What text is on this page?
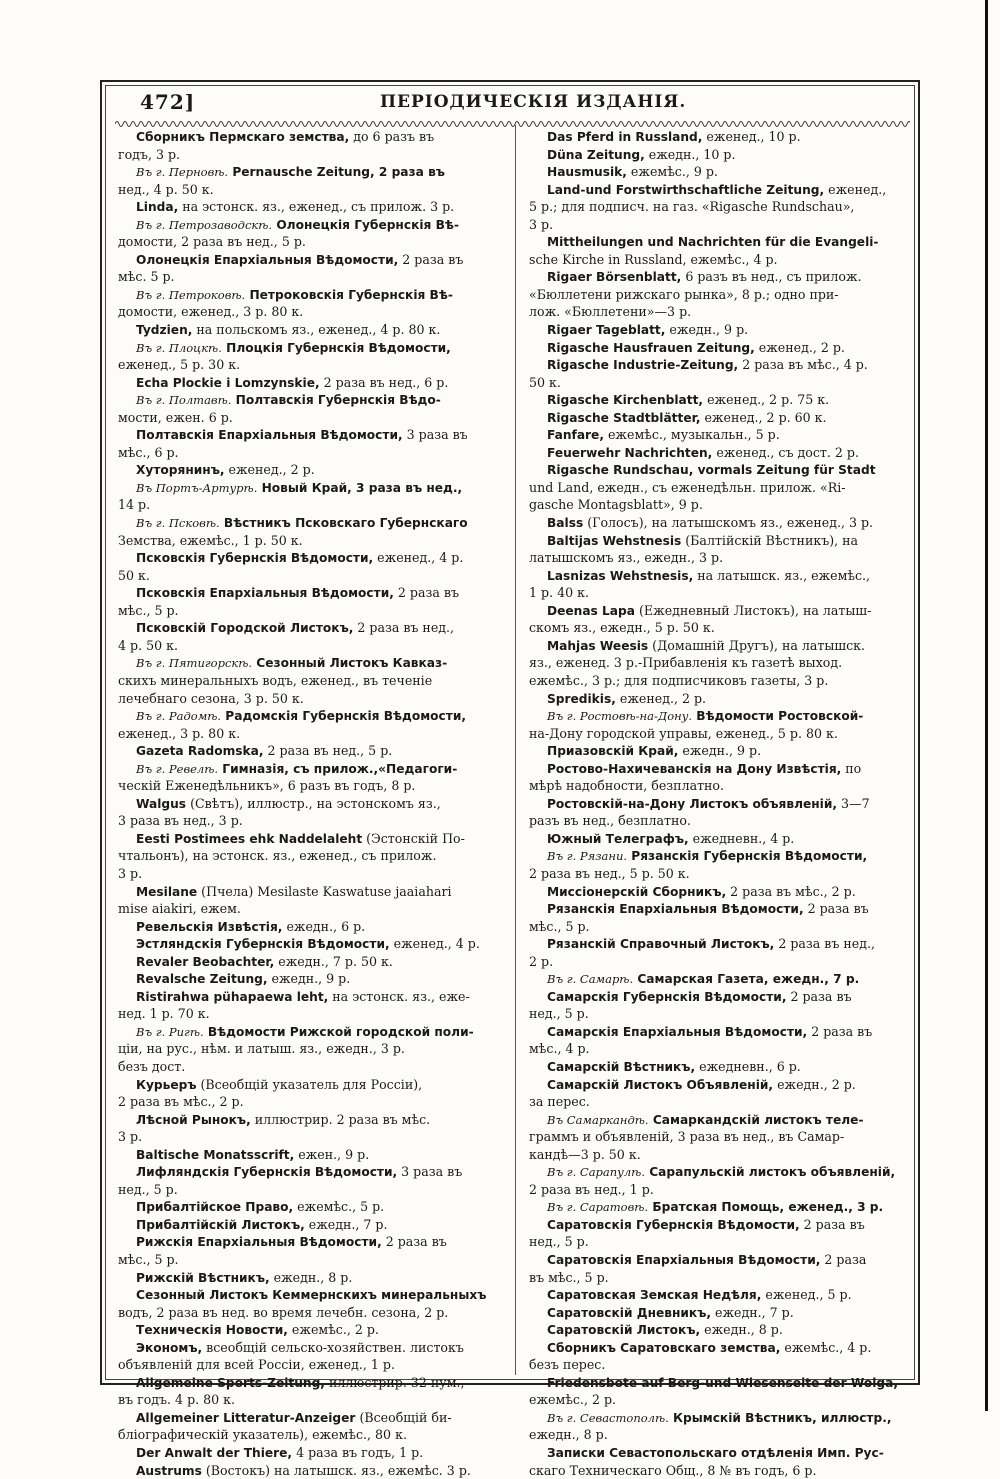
472]	ПЕРІОДИЧЕСКІЯ ИЗДАНІЯ.
Сборникъ Пермскаго земства, до 6 разъ въ
годъ, 3 р.
Въ г. Перновѣ. Pernausche Zeitung, 2 раза въ
нед., 4 р. 50 к.
Linda, на эстонск. яз., еженед., съ прилож. 3 р.
Въ г. Петрозаводскѣ. Олонецкія Губернскія Вѣ-
домости, 2 раза въ нед., 5 р.
Олонецкія Епархіальныя Вѣдомости, 2 раза въ
мѣс. 5 р.
Въ г. Петроковѣ. Петроковскія Губернскія Вѣ-
домости, еженед., 3 р. 80 к.
Tydzien, на польскомъ яз., еженед., 4 р. 80 к.
Въ г. Плоцкѣ. Плоцкія Губернскія Вѣдомости,
еженед., 5 р. 30 к.
Echa Plockie i Lomzynskie, 2 раза въ нед., 6 р.
Въ г. Полтавѣ. Полтавскія Губернскія Вѣдо-
мости, ежен. 6 р.
Полтавскія Епархіальныя Вѣдомости, 3 раза въ
мѣс., 6 р.
Хуторянинъ, еженед., 2 р.
Въ Портъ-Артурѣ. Новый Край, 3 раза въ нед.,
14 р.
Въ г. Псковѣ. Вѣстникъ Псковскаго Губернскаго
Земства, ежемѣс., 1 р. 50 к.
Псковскія Губернскія Вѣдомости, еженед., 4 р.
50 к.
Псковскія Епархіальныя Вѣдомости, 2 раза въ
мѣс., 5 р.
Псковскій Городской Листокъ, 2 раза въ нед.,
4 р. 50 к.
Въ г. Пятигорскѣ. Сезонный Листокъ Кавказ-
скихъ минеральныхъ водъ, еженед., въ теченіе
лечебнаго сезона, 3 р. 50 к.
Въ г. Радомѣ. Радомскія Губернскія Вѣдомости,
еженед., 3 р. 80 к.
Gazeta Radomska, 2 раза въ нед., 5 р.
Въ г. Ревелѣ. Гимназія, съ прилож.,«Педагоги-
ческій Еженедѣльникъ», 6 разъ въ годъ, 8 р.
Walgus (Свѣтъ), иллюстр., на эстонскомъ яз.,
3 раза въ нед., 3 р.
Eesti Postimees ehk Naddelaleht (Эстонскій По-
чтальонъ), на эстонск. яз., еженед., съ прилож.
3 р.
Mesilane (Пчела) Mesilaste Kaswatuse jaaiahari
mise aiakiri, ежем.
Ревельскія Извѣстія, ежедн., 6 р.
Эстляндскія Губернскія Вѣдомости, еженед., 4 р.
Revaler Beobachter, ежедн., 7 р. 50 к.
Revalsche Zeitung, ежедн., 9 р.
Ristirahwa pühapaewa leht, на эстонск. яз., еже-
нед. 1 р. 70 к.
Въ г. Ригѣ. Вѣдомости Рижской городской поли-
ціи, на рус., нѣм. и латыш. яз., ежедн., 3 р.
безъ дост.
Курьеръ (Всеобщій указатель для Россіи),
2 раза въ мѣс., 2 р.
Лѣсной Рынокъ, иллюстрир. 2 раза въ мѣс.
3 р.
Baltische Monatsscrift, ежен., 9 р.
Лифляндскія Губернскія Вѣдомости, 3 раза въ
нед., 5 р.
Прибалтійское Право, ежемѣс., 5 р.
Прибалтійскій Листокъ, ежедн., 7 р.
Рижскія Епархіальныя Вѣдомости, 2 раза въ
мѣс., 5 р.
Рижскій Вѣстникъ, ежедн., 8 р.
Сезонный Листокъ Кеммернскихъ минеральныхъ
водъ, 2 раза въ нед. во время лечебн. сезона, 2 р.
Техническія Новости, ежемѣс., 2 р.
Экономъ, всеобщій сельско-хозяйствен. листокъ
объявленій для всей Россіи, еженед., 1 р.
Allgemeine Sports-Zeitung, иллюстрир. 32 нум.,
въ годъ. 4 р. 80 к.
Allgemeiner Litteratur-Anzeiger (Всеобщій би-
бліографическій указатель), ежемѣс., 80 к.
Der Anwalt der Thiere, 4 раза въ годъ, 1 р.
Austrums (Востокъ) на латышск. яз., ежемѣс. 3 р.
Das Pferd in Russland, еженед., 10 р.
Düna Zeitung, ежедн., 10 р.
Hausmusik, ежемѣс., 9 р.
Land-und Forstwirthschaftliche Zeitung, еженед.,
5 р.; для подписч. на газ. «Rigasche Rundschau»,
3 р.
Mittheilungen und Nachrichten für die Evangeli-
sche Kirche in Russland, ежемѣс., 4 р.
Rigaer Börsenblatt, 6 разъ въ нед., съ прилож.
«Бюллетени рижскаго рынка», 8 р.; одно при-
лож. «Бюллетени»—3 р.
Rigaer Tageblatt, ежедн., 9 р.
Rigasche Hausfrauen Zeitung, еженед., 2 р.
Rigasche Industrie-Zeitung, 2 раза въ мѣс., 4 р.
50 к.
Rigasche Kirchenblatt, еженед., 2 р. 75 к.
Rigasche Stadtblätter, еженед., 2 р. 60 к.
Fanfare, ежемѣс., музыкальн., 5 р.
Feuerwehr Nachrichten, еженед., съ дост. 2 р.
Rigasche Rundschau, vormals Zeitung für Stadt
und Land, ежедн., съ еженедѣльн. прилож. «Ri-
gasche Montagsblatt», 9 р.
Balss (Голосъ), на латышскомъ яз., еженед., 3 р.
Baltijas Wehstnesis (Балтійскій Вѣстникъ), на
латышскомъ яз., ежедн., 3 р.
Lasnizas Wehstnesis, на латышск. яз., ежемѣс.,
1 р. 40 к.
Deenas Lapa (Ежедневный Листокъ), на латыш-
скомъ яз., ежедн., 5 р. 50 к.
Mahjas Weesis (Домашній Другъ), на латышск.
яз., еженед. 3 р.-Прибавленія къ газетѣ выход.
ежемѣс., 3 р.; для подписчиковъ газеты, 3 р.
Spredikis, еженед., 2 р.
Въ г. Ростовѣ-на-Дону. Вѣдомости Ростовской-
на-Дону городской управы, еженед., 5 р. 80 к.
Приазовскій Край, ежедн., 9 р.
Ростово-Нахичеванскія на Дону Извѣстія, по
мѣрѣ надобности, безплатно.
Ростовскій-на-Дону Листокъ объявленій, 3—7
разъ въ нед., безплатно.
Южный Телеграфъ, ежедневн., 4 р.
Въ г. Рязани. Рязанскія Губернскія Вѣдомости,
2 раза въ нед., 5 р. 50 к.
Миссіонерскій Сборникъ, 2 раза въ мѣс., 2 р.
Рязанскія Епархіальныя Вѣдомости, 2 раза въ
мѣс., 5 р.
Рязанскій Справочный Листокъ, 2 раза въ нед.,
2 р.
Въ г. Самарѣ. Самарская Газета, ежедн., 7 р.
Самарскія Губернскія Вѣдомости, 2 раза въ
нед., 5 р.
Самарскія Епархіальныя Вѣдомости, 2 раза въ
мѣс., 4 р.
Самарскій Вѣстникъ, ежедневн., 6 р.
Самарскій Листокъ Объявленій, ежедн., 2 р.
за перес.
Въ Самаркандѣ. Самаркандскій листокъ теле-
граммъ и объявленій, 3 раза въ нед., въ Самар-
кандѣ—3 р. 50 к.
Въ г. Сарапулѣ. Сарапульскій листокъ объявленій,
2 раза въ нед., 1 р.
Въ г. Саратовѣ. Братская Помощь, еженед., 3 р.
Саратовскія Губернскія Вѣдомости, 2 раза въ
нед., 5 р.
Саратовскія Епархіальныя Вѣдомости, 2 раза
въ мѣс., 5 р.
Саратовская Земская Недѣля, еженед., 5 р.
Саратовскій Дневникъ, ежедн., 7 р.
Саратовскій Листокъ, ежедн., 8 р.
Сборникъ Саратовскаго земства, ежемѣс., 4 р.
безъ перес.
Friedensbote auf Berg-und Wiesenseite der Wolga,
ежемѣс., 2 р.
Въ г. Севастополѣ. Крымскій Вѣстникъ, иллюстр.,
ежедн., 8 р.
Записки Севастопольскаго отдѣленія Имп. Рус-
скаго Техническаго Общ., 8 № въ годъ, 6 р.
